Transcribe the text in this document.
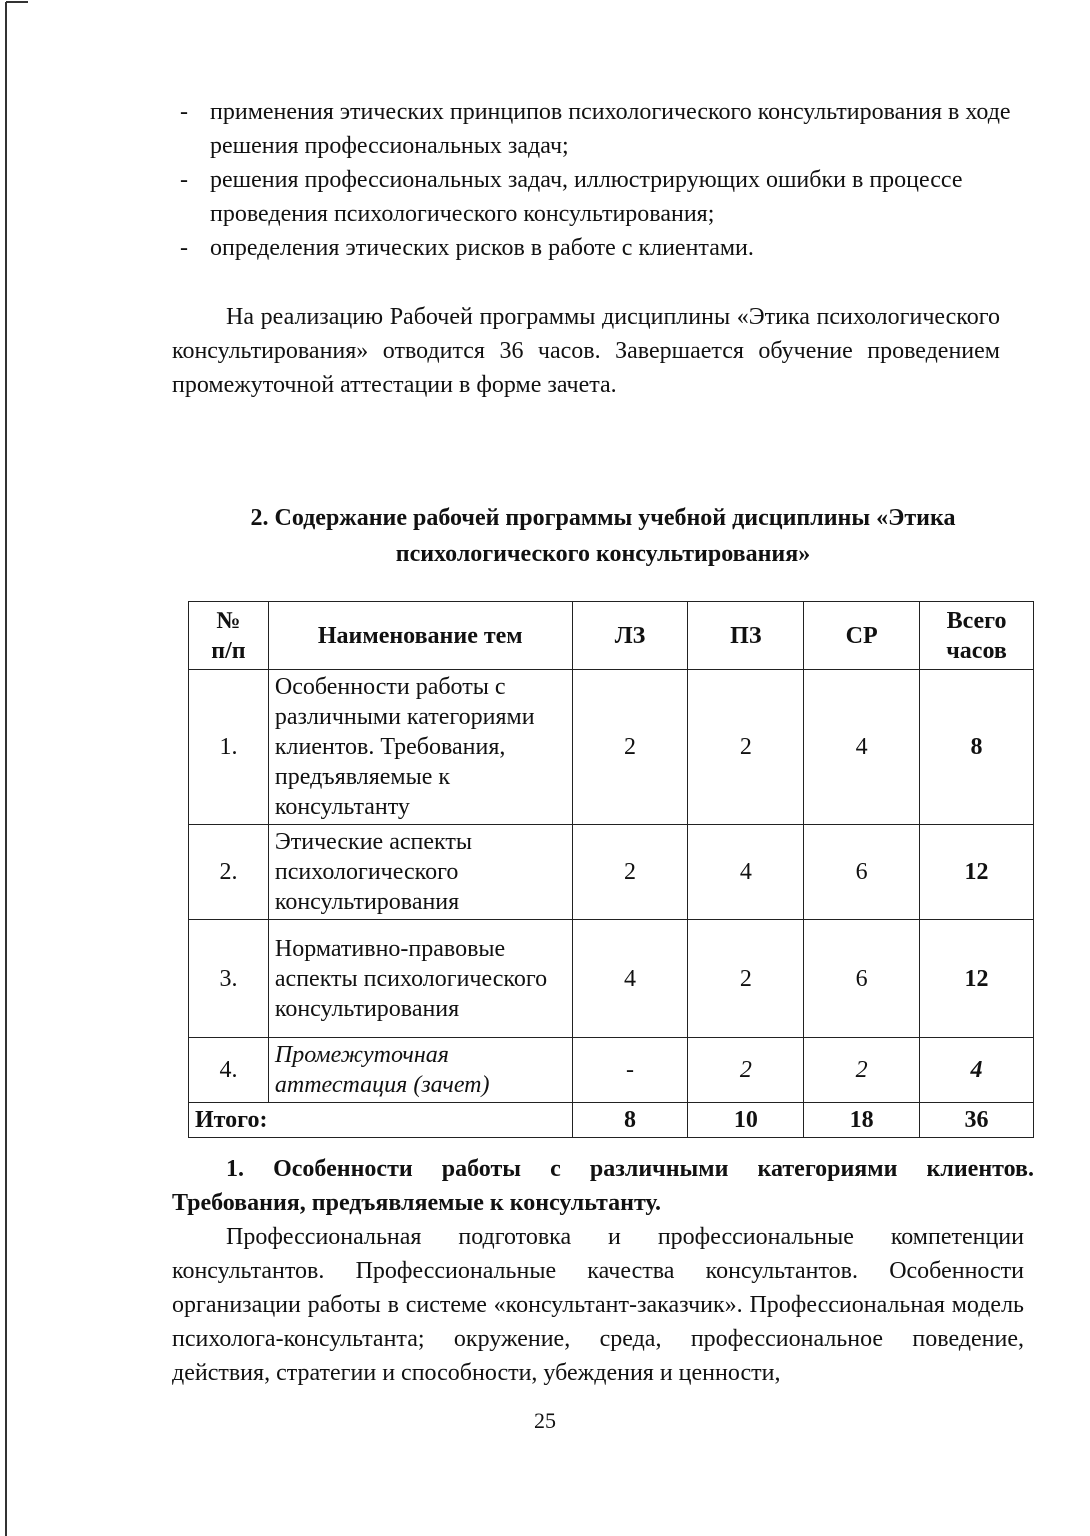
- применения этических принципов психологического консультирования в ходе решения профессиональных задач;
- решения профессиональных задач, иллюстрирующих ошибки в процессе проведения психологического консультирования;
- определения этических рисков в работе с клиентами.

На реализацию Рабочей программы дисциплины «Этика психологического консультирования» отводится 36 часов. Завершается обучение проведением промежуточной аттестации в форме зачета.

2. Содержание рабочей программы учебной дисциплины «Этика
психологического консультирования»
№
п/п	Наименование тем	ЛЗ	ПЗ	СР	Всего
часов
1.	Особенности работы с различными категориями клиентов. Требования, предъявляемые к консультанту	2	2	4	8
2.	Этические аспекты психологического консультирования	2	4	6	12
3.	Нормативно-правовые аспекты психологического консультирования	4	2	6	12
4.	Промежуточная аттестация (зачет)	-	2	2	4
Итого:		8	10	18	36

1. Особенности работы с различными категориями клиентов. Требования, предъявляемые к консультанту.

Профессиональная подготовка и профессиональные компетенции консультантов. Профессиональные качества консультантов. Особенности организации работы в системе «консультант-заказчик». Профессиональная модель психолога-консультанта; окружение, среда, профессиональное поведение, действия, стратегии и способности, убеждения и ценности,

25
